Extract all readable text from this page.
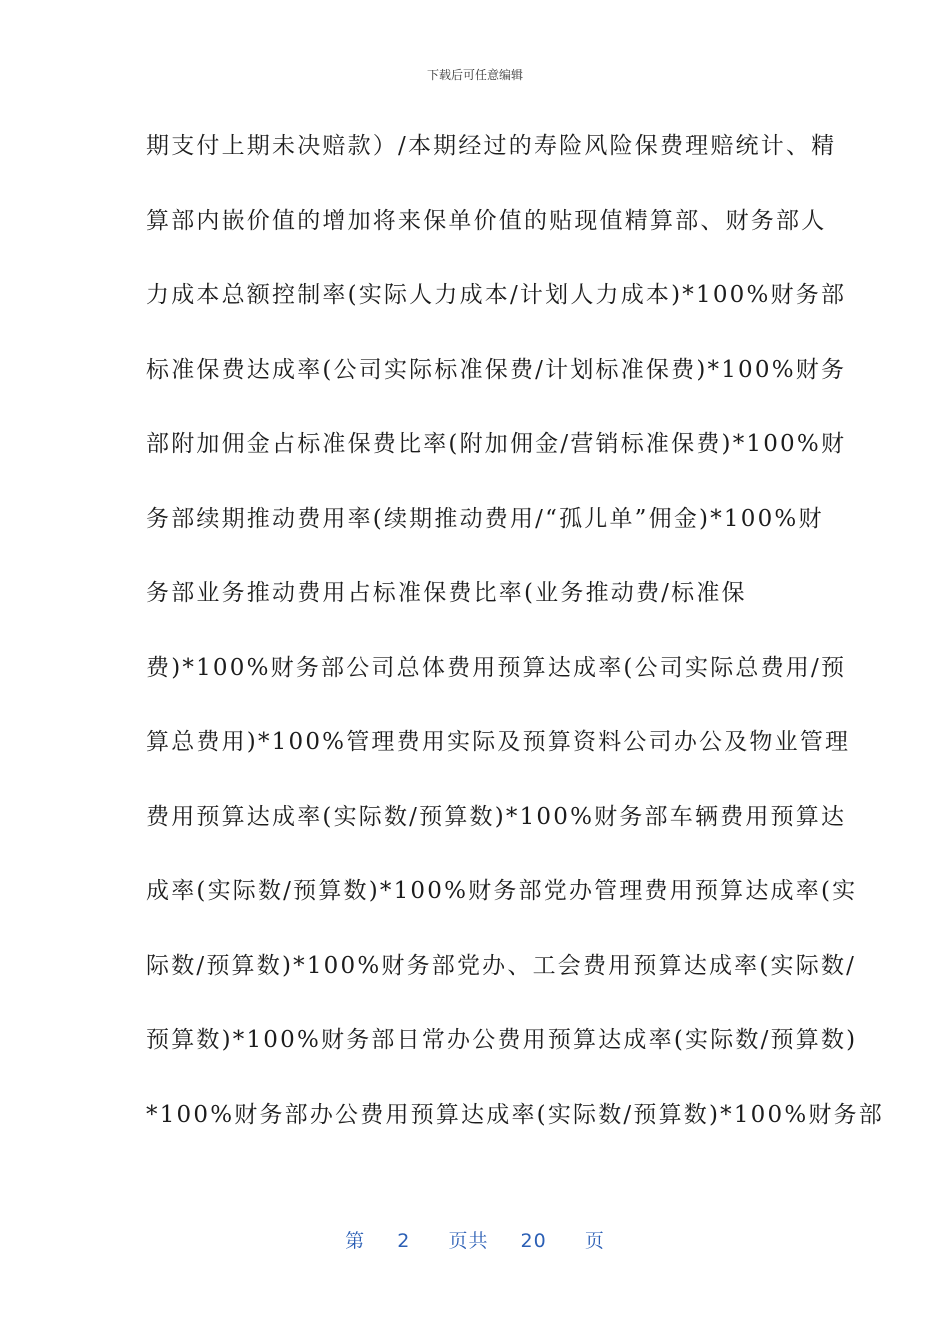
下载后可任意编辑
期支付上期未决赔款）/本期经过的寿险风险保费理赔统计、精
算部内嵌价值的增加将来保单价值的贴现值精算部、财务部人
力成本总额控制率(实际人力成本/计划人力成本)*100%财务部
标准保费达成率(公司实际标准保费/计划标准保费)*100%财务
部附加佣金占标准保费比率(附加佣金/营销标准保费)*100%财
务部续期推动费用率(续期推动费用/“孤儿单”佣金)*100%财
务部业务推动费用占标准保费比率(业务推动费/标准保
费)*100%财务部公司总体费用预算达成率(公司实际总费用/预
算总费用)*100%管理费用实际及预算资料公司办公及物业管理
费用预算达成率(实际数/预算数)*100%财务部车辆费用预算达
成率(实际数/预算数)*100%财务部党办管理费用预算达成率(实
际数/预算数)*100%财务部党办、工会费用预算达成率(实际数/
预算数)*100%财务部日常办公费用预算达成率(实际数/预算数)
*100%财务部办公费用预算达成率(实际数/预算数)*100%财务部
第 2 页共 20 页
